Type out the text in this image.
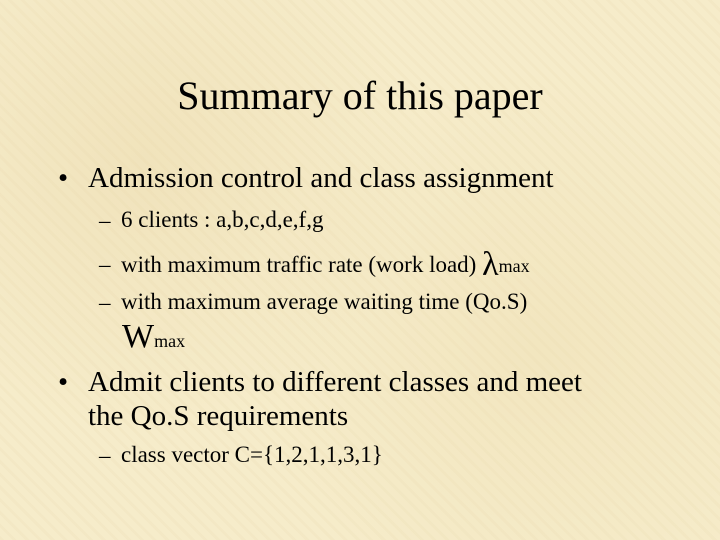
Summary of this paper
• Admission control and class assignment
– 6 clients : a,b,c,d,e,f,g
– with maximum traffic rate (work load) λmax
– with maximum average waiting time (Qo.S)
Wmax
• Admit clients to different classes and meet
the Qo.S requirements
– class vector C={1,2,1,1,3,1}
